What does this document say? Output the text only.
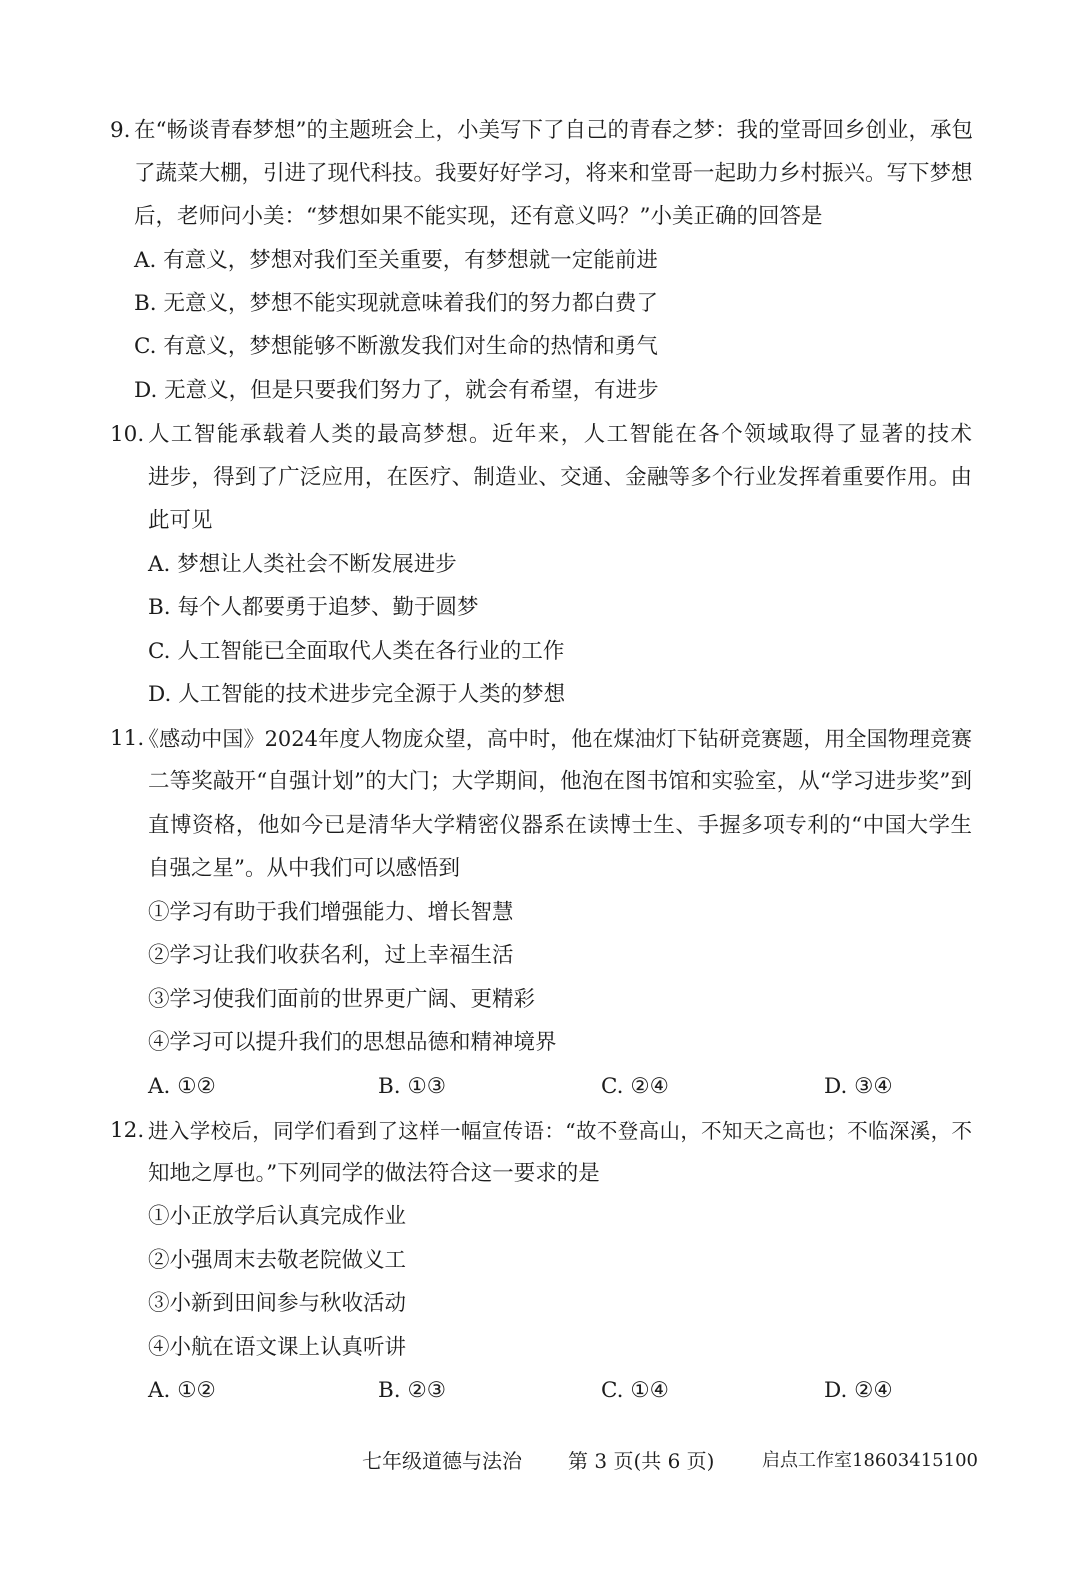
9. 在“畅谈青春梦想”的主题班会上，小美写下了自己的青春之梦：我的堂哥回乡创业，承包
了蔬菜大棚，引进了现代科技。我要好好学习，将来和堂哥一起助力乡村振兴。写下梦想
后，老师问小美：“梦想如果不能实现，还有意义吗？”小美正确的回答是
A. 有意义，梦想对我们至关重要，有梦想就一定能前进
B. 无意义，梦想不能实现就意味着我们的努力都白费了
C. 有意义，梦想能够不断激发我们对生命的热情和勇气
D. 无意义，但是只要我们努力了，就会有希望，有进步
10. 人工智能承载着人类的最高梦想。近年来，人工智能在各个领域取得了显著的技术
进步，得到了广泛应用，在医疗、制造业、交通、金融等多个行业发挥着重要作用。由
此可见
A. 梦想让人类社会不断发展进步
B. 每个人都要勇于追梦、勤于圆梦
C. 人工智能已全面取代人类在各行业的工作
D. 人工智能的技术进步完全源于人类的梦想
11.
《感动中国》2024年度人物庞众望，高中时，他在煤油灯下钻研竞赛题，用全国物理竞赛
二等奖敲开“自强计划”的大门；大学期间，他泡在图书馆和实验室，从“学习进步奖”到
直博资格，他如今已是清华大学精密仪器系在读博士生、手握多项专利的“中国大学生
自强之星”。从中我们可以感悟到
①学习有助于我们增强能力、增长智慧
②学习让我们收获名利，过上幸福生活
③学习使我们面前的世界更广阔、更精彩
④学习可以提升我们的思想品德和精神境界
A. ①②	B. ①③	C. ②④	D. ③④
12. 进入学校后，同学们看到了这样一幅宣传语：“故不登高山，不知天之高也；不临深溪，不
知地之厚也。”下列同学的做法符合这一要求的是
①小正放学后认真完成作业
②小强周末去敬老院做义工
③小新到田间参与秋收活动
④小航在语文课上认真听讲
A. ①②	B. ②③	C. ①④	D. ②④
七年级道德与法治 第 3 页(共 6 页)	启点工作室18603415100
